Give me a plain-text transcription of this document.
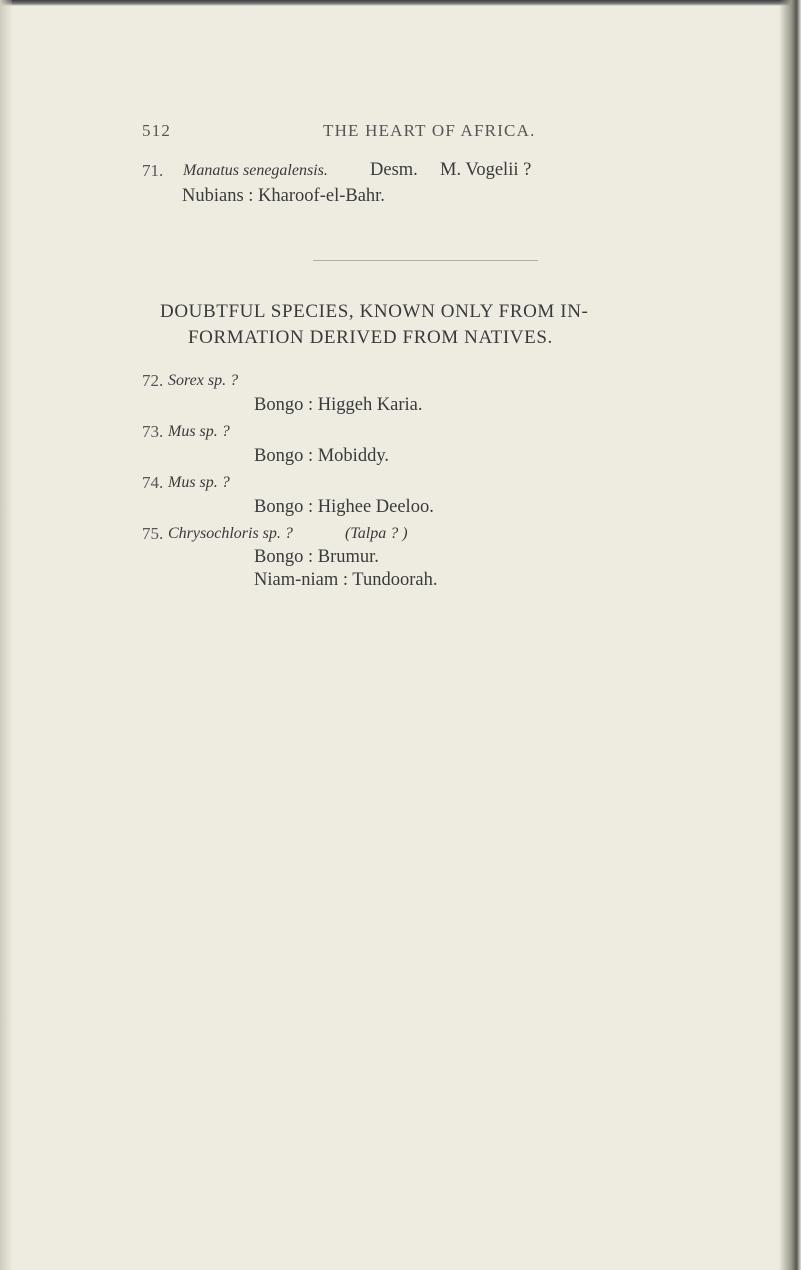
512	THE HEART OF AFRICA.
71. Manatus senegalensis. Desm. M. Vogelii ?
Nubians : Kharoof-el-Bahr.
DOUBTFUL SPECIES, KNOWN ONLY FROM IN-
FORMATION DERIVED FROM NATIVES.
72. Sorex sp. ?
Bongo : Higgeh Karia.
73. Mus sp. ?
Bongo : Mobiddy.
74. Mus sp. ?
Bongo : Highee Deeloo.
75. Chrysochloris sp. ?	(Talpa ? )
Bongo : Brumur.
Niam-niam : Tundoorah.
